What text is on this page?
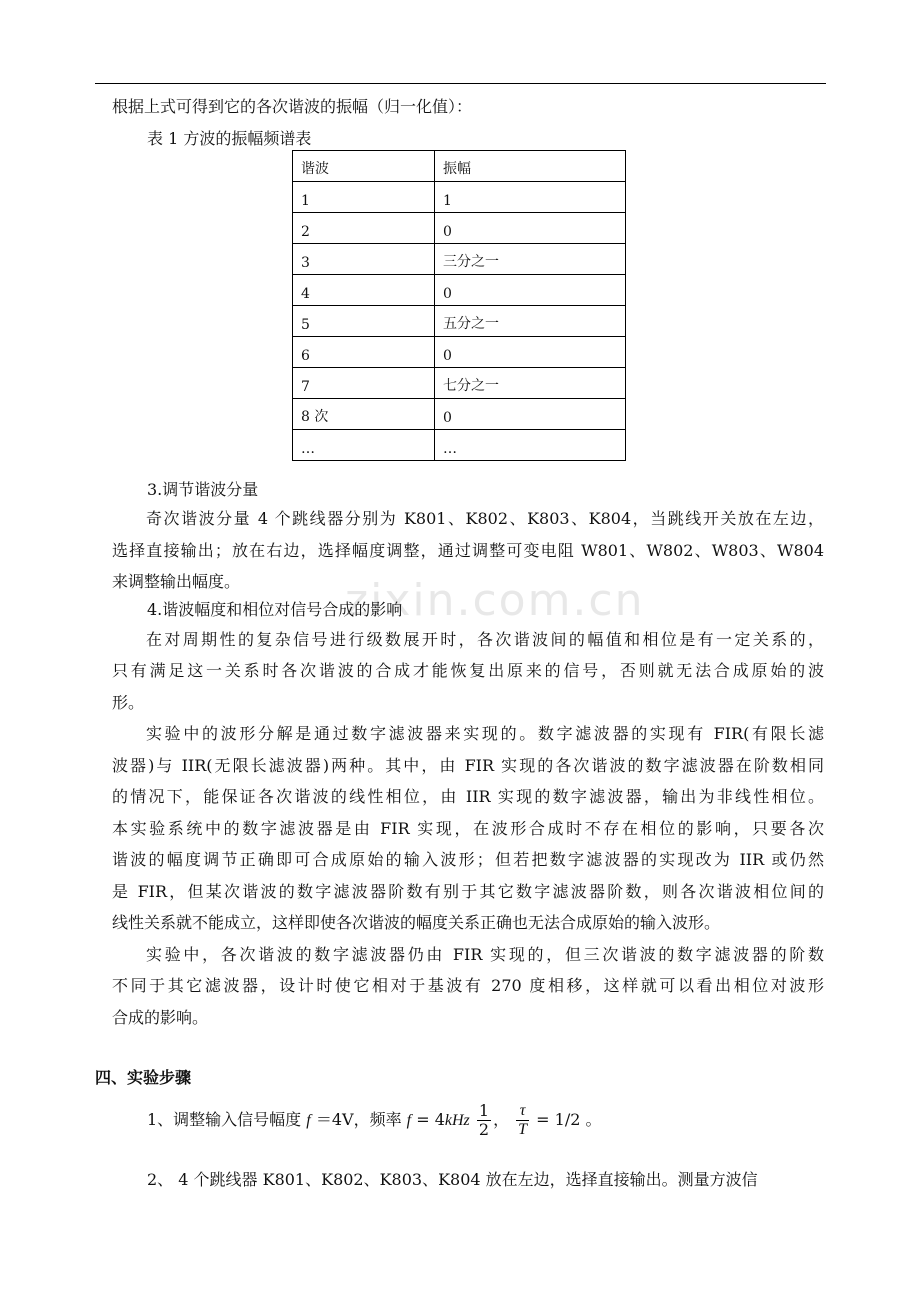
zixin.com.cn
根据上式可得到它的各次谐波的振幅（归一化值）：
表 1 方波的振幅频谱表
谐波	振幅
1	1
2	0
3	三分之一
4	0
5	五分之一
6	0
7	七分之一
8 次	0
…	…
3.调节谐波分量
奇次谐波分量 4 个跳线器分别为 K801、K802、K803、K804，当跳线开关放在左边，
选择直接输出；放在右边，选择幅度调整，通过调整可变电阻 W801、W802、W803、W804
来调整输出幅度。
4.谐波幅度和相位对信号合成的影响
在对周期性的复杂信号进行级数展开时，各次谐波间的幅值和相位是有一定关系的，
只有满足这一关系时各次谐波的合成才能恢复出原来的信号，否则就无法合成原始的波
形。
实验中的波形分解是通过数字滤波器来实现的。数字滤波器的实现有 FIR(有限长滤
波器)与 IIR(无限长滤波器)两种。其中，由 FIR 实现的各次谐波的数字滤波器在阶数相同
的情况下，能保证各次谐波的线性相位，由 IIR 实现的数字滤波器，输出为非线性相位。
本实验系统中的数字滤波器是由 FIR 实现，在波形合成时不存在相位的影响，只要各次
谐波的幅度调节正确即可合成原始的输入波形；但若把数字滤波器的实现改为 IIR 或仍然
是 FIR，但某次谐波的数字滤波器阶数有别于其它数字滤波器阶数，则各次谐波相位间的
线性关系就不能成立，这样即使各次谐波的幅度关系正确也无法合成原始的输入波形。
实验中，各次谐波的数字滤波器仍由 FIR 实现的，但三次谐波的数字滤波器的阶数
不同于其它滤波器，设计时使它相对于基波有 270 度相移，这样就可以看出相位对波形
合成的影响。
四、实验步骤
1、调整输入信号幅度 f ＝4V，频率 $f = 4kHz \frac{1}{2}$ ， $\frac{\tau}{T} = 1/2$ 。
2、 4 个跳线器 K801、K802、K803、K804 放在左边，选择直接输出。测量方波信
